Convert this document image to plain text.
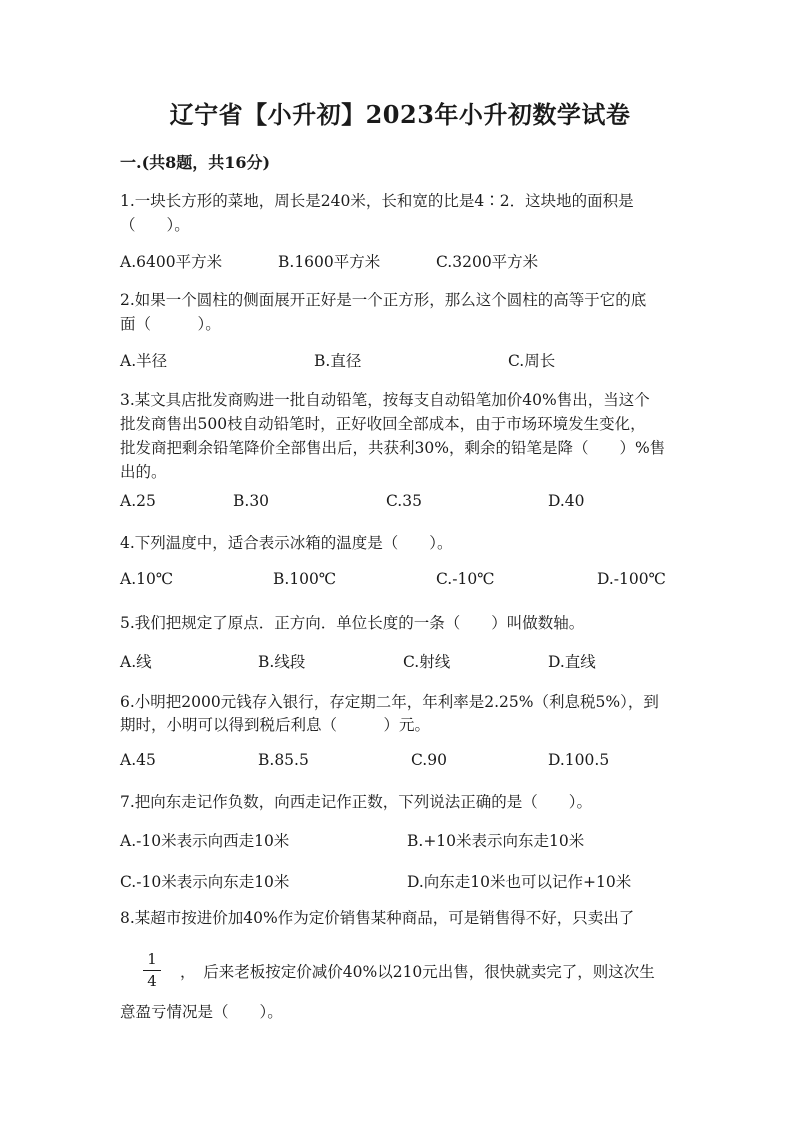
辽宁省【小升初】2023年小升初数学试卷
一.(共8题，共16分)
1.一块长方形的菜地，周长是240米，长和宽的比是4∶2．这块地的面积是
（　　）。
A.6400平方米	B.1600平方米	C.3200平方米
2.如果一个圆柱的侧面展开正好是一个正方形，那么这个圆柱的高等于它的底
面（　　　）。
A.半径	B.直径	C.周长
3.某文具店批发商购进一批自动铅笔，按每支自动铅笔加价40%售出，当这个
批发商售出500枝自动铅笔时，正好收回全部成本，由于市场环境发生变化，
批发商把剩余铅笔降价全部售出后，共获利30%，剩余的铅笔是降（　　）%售
出的。
A.25	B.30	C.35	D.40
4.下列温度中，适合表示冰箱的温度是（　　）。
A.10℃	B.100℃	C.-10℃	D.-100℃
5.我们把规定了原点．正方向．单位长度的一条（　　）叫做数轴。
A.线	B.线段	C.射线	D.直线
6.小明把2000元钱存入银行，存定期二年，年利率是2.25%（利息税5%），到
期时，小明可以得到税后利息（　　　）元。
A.45	B.85.5	C.90	D.100.5
7.把向东走记作负数，向西走记作正数，下列说法正确的是（　　）。
A.-10米表示向西走10米	B.+10米表示向东走10米
C.-10米表示向东走10米	D.向东走10米也可以记作+10米
8.某超市按进价加40%作为定价销售某种商品，可是销售得不好，只卖出了
1
4	，　后来老板按定价减价40%以210元出售，很快就卖完了，则这次生
意盈亏情况是（　　）。
